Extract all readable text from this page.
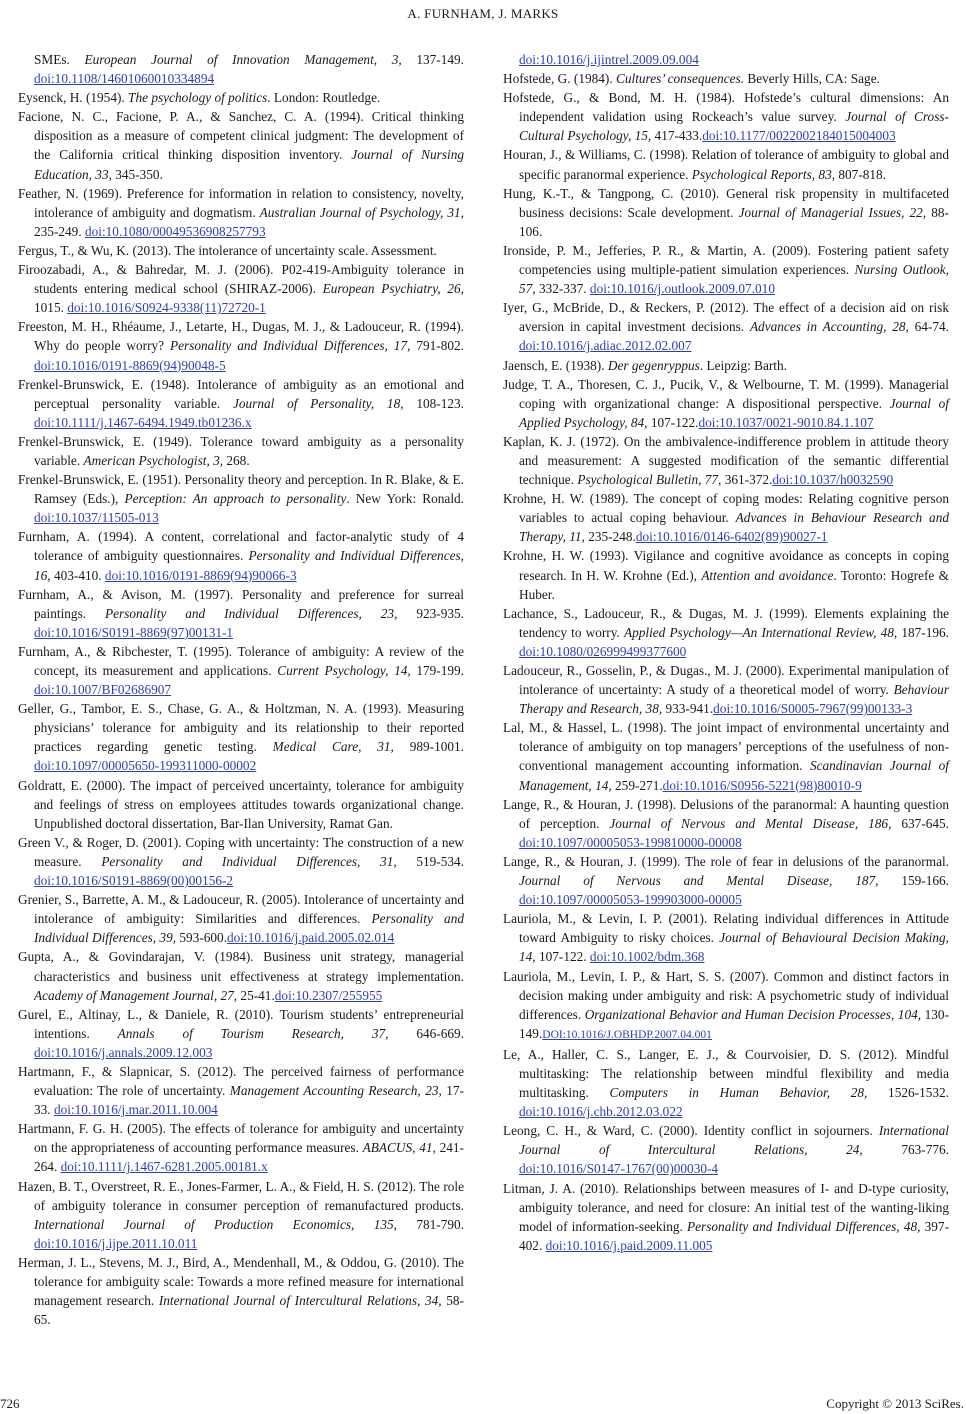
A. FURNHAM, J. MARKS

SMEs. European Journal of Innovation Management, 3, 137-149.doi:10.1108/14601060010334894

Eysenck, H. (1954). The psychology of politics. London: Routledge.

Facione, N. C., Facione, P. A., & Sanchez, C. A. (1994). Critical thinking disposition as a measure of competent clinical judgment: The development of the California critical thinking disposition inventory. Journal of Nursing Education, 33, 345-350.

Feather, N. (1969). Preference for information in relation to consistency, novelty, intolerance of ambiguity and dogmatism. Australian Journal of Psychology, 31, 235-249. doi:10.1080/00049536908257793

Fergus, T., & Wu, K. (2013). The intolerance of uncertainty scale. Assessment.

Firoozabadi, A., & Bahredar, M. J. (2006). P02-419-Ambiguity tolerance in students entering medical school (SHIRAZ-2006). European Psychiatry, 26, 1015. doi:10.1016/S0924-9338(11)72720-1

Freeston, M. H., Rhéaume, J., Letarte, H., Dugas, M. J., & Ladouceur, R. (1994). Why do people worry? Personality and Individual Differences, 17, 791-802. doi:10.1016/0191-8869(94)90048-5

Frenkel-Brunswick, E. (1948). Intolerance of ambiguity as an emotional and perceptual personality variable. Journal of Personality, 18, 108-123. doi:10.1111/j.1467-6494.1949.tb01236.x

Frenkel-Brunswick, E. (1949). Tolerance toward ambiguity as a personality variable. American Psychologist, 3, 268.

Frenkel-Brunswick, E. (1951). Personality theory and perception. In R. Blake, & E. Ramsey (Eds.), Perception: An approach to personality. New York: Ronald. doi:10.1037/11505-013

Furnham, A. (1994). A content, correlational and factor-analytic study of 4 tolerance of ambiguity questionnaires. Personality and Individual Differences, 16, 403-410. doi:10.1016/0191-8869(94)90066-3

Furnham, A., & Avison, M. (1997). Personality and preference for surreal paintings. Personality and Individual Differences, 23, 923-935.doi:10.1016/S0191-8869(97)00131-1

Furnham, A., & Ribchester, T. (1995). Tolerance of ambiguity: A review of the concept, its measurement and applications. Current Psychology, 14, 179-199. doi:10.1007/BF02686907

Geller, G., Tambor, E. S., Chase, G. A., & Holtzman, N. A. (1993). Measuring physicians’ tolerance for ambiguity and its relationship to their reported practices regarding genetic testing. Medical Care, 31, 989-1001. doi:10.1097/00005650-199311000-00002

Goldratt, E. (2000). The impact of perceived uncertainty, tolerance for ambiguity and feelings of stress on employees attitudes towards organizational change. Unpublished doctoral dissertation, Bar-Ilan University, Ramat Gan.

Green V., & Roger, D. (2001). Coping with uncertainty: The construction of a new measure. Personality and Individual Differences, 31, 519-534. doi:10.1016/S0191-8869(00)00156-2

Grenier, S., Barrette, A. M., & Ladouceur, R. (2005). Intolerance of uncertainty and intolerance of ambiguity: Similarities and differences. Personality and Individual Differences, 39, 593-600.doi:10.1016/j.paid.2005.02.014

Gupta, A., & Govindarajan, V. (1984). Business unit strategy, managerial characteristics and business unit effectiveness at strategy implementation. Academy of Management Journal, 27, 25-41.doi:10.2307/255955

Gurel, E., Altinay, L., & Daniele, R. (2010). Tourism students’ entrepreneurial intentions. Annals of Tourism Research, 37, 646-669.doi:10.1016/j.annals.2009.12.003

Hartmann, F., & Slapnicar, S. (2012). The perceived fairness of performance evaluation: The role of uncertainty. Management Accounting Research, 23, 17-33. doi:10.1016/j.mar.2011.10.004

Hartmann, F. G. H. (2005). The effects of tolerance for ambiguity and uncertainty on the appropriateness of accounting performance measures. ABACUS, 41, 241-264. doi:10.1111/j.1467-6281.2005.00181.x

Hazen, B. T., Overstreet, R. E., Jones-Farmer, L. A., & Field, H. S. (2012). The role of ambiguity tolerance in consumer perception of remanufactured products. International Journal of Production Economics, 135, 781-790. doi:10.1016/j.ijpe.2011.10.011

Herman, J. L., Stevens, M. J., Bird, A., Mendenhall, M., & Oddou, G. (2010). The tolerance for ambiguity scale: Towards a more refined measure for international management research. International Journal of Intercultural Relations, 34, 58-65.

doi:10.1016/j.ijintrel.2009.09.004

Hofstede, G. (1984). Cultures’ consequences. Beverly Hills, CA: Sage.

Hofstede, G., & Bond, M. H. (1984). Hofstede’s cultural dimensions: An independent validation using Rockeach’s value survey. Journal of Cross-Cultural Psychology, 15, 417-433.doi:10.1177/0022002184015004003

Houran, J., & Williams, C. (1998). Relation of tolerance of ambiguity to global and specific paranormal experience. Psychological Reports, 83, 807-818.

Hung, K.-T., & Tangpong, C. (2010). General risk propensity in multifaceted business decisions: Scale development. Journal of Managerial Issues, 22, 88-106.

Ironside, P. M., Jefferies, P. R., & Martin, A. (2009). Fostering patient safety competencies using multiple-patient simulation experiences. Nursing Outlook, 57, 332-337. doi:10.1016/j.outlook.2009.07.010

Iyer, G., McBride, D., & Reckers, P. (2012). The effect of a decision aid on risk aversion in capital investment decisions. Advances in Accounting, 28, 64-74. doi:10.1016/j.adiac.2012.02.007

Jaensch, E. (1938). Der gegenryppus. Leipzig: Barth.

Judge, T. A., Thoresen, C. J., Pucik, V., & Welbourne, T. M. (1999). Managerial coping with organizational change: A dispositional perspective. Journal of Applied Psychology, 84, 107-122.doi:10.1037/0021-9010.84.1.107

Kaplan, K. J. (1972). On the ambivalence-indifference problem in attitude theory and measurement: A suggested modification of the semantic differential technique. Psychological Bulletin, 77, 361-372.doi:10.1037/h0032590

Krohne, H. W. (1989). The concept of coping modes: Relating cognitive person variables to actual coping behaviour. Advances in Behaviour Research and Therapy, 11, 235-248.doi:10.1016/0146-6402(89)90027-1

Krohne, H. W. (1993). Vigilance and cognitive avoidance as concepts in coping research. In H. W. Krohne (Ed.), Attention and avoidance. Toronto: Hogrefe & Huber.

Lachance, S., Ladouceur, R., & Dugas, M. J. (1999). Elements explaining the tendency to worry. Applied Psychology—An International Review, 48, 187-196. doi:10.1080/026999499377600

Ladouceur, R., Gosselin, P., & Dugas., M. J. (2000). Experimental manipulation of intolerance of uncertainty: A study of a theoretical model of worry. Behaviour Therapy and Research, 38, 933-941.doi:10.1016/S0005-7967(99)00133-3

Lal, M., & Hassel, L. (1998). The joint impact of environmental uncertainty and tolerance of ambiguity on top managers’ perceptions of the usefulness of non-conventional management accounting information. Scandinavian Journal of Management, 14, 259-271.doi:10.1016/S0956-5221(98)80010-9

Lange, R., & Houran, J. (1998). Delusions of the paranormal: A haunting question of perception. Journal of Nervous and Mental Disease, 186, 637-645. doi:10.1097/00005053-199810000-00008

Lange, R., & Houran, J. (1999). The role of fear in delusions of the paranormal. Journal of Nervous and Mental Disease, 187, 159-166.doi:10.1097/00005053-199903000-00005

Lauriola, M., & Levin, I. P. (2001). Relating individual differences in Attitude toward Ambiguity to risky choices. Journal of Behavioural Decision Making, 14, 107-122. doi:10.1002/bdm.368

Lauriola, M., Levin, I. P., & Hart, S. S. (2007). Common and distinct factors in decision making under ambiguity and risk: A psychometric study of individual differences. Organizational Behavior and Human Decision Processes, 104, 130-149.DOI:10.1016/J.OBHDP.2007.04.001

Le, A., Haller, C. S., Langer, E. J., & Courvoisier, D. S. (2012). Mindful multitasking: The relationship between mindful flexibility and media multitasking. Computers in Human Behavior, 28, 1526-1532.doi:10.1016/j.chb.2012.03.022

Leong, C. H., & Ward, C. (2000). Identity conflict in sojourners. International Journal of Intercultural Relations, 24, 763-776.doi:10.1016/S0147-1767(00)00030-4

Litman, J. A. (2010). Relationships between measures of I- and D-type curiosity, ambiguity tolerance, and need for closure: An initial test of the wanting-liking model of information-seeking. Personality and Individual Differences, 48, 397-402. doi:10.1016/j.paid.2009.11.005

726	Copyright © 2013 SciRes.
